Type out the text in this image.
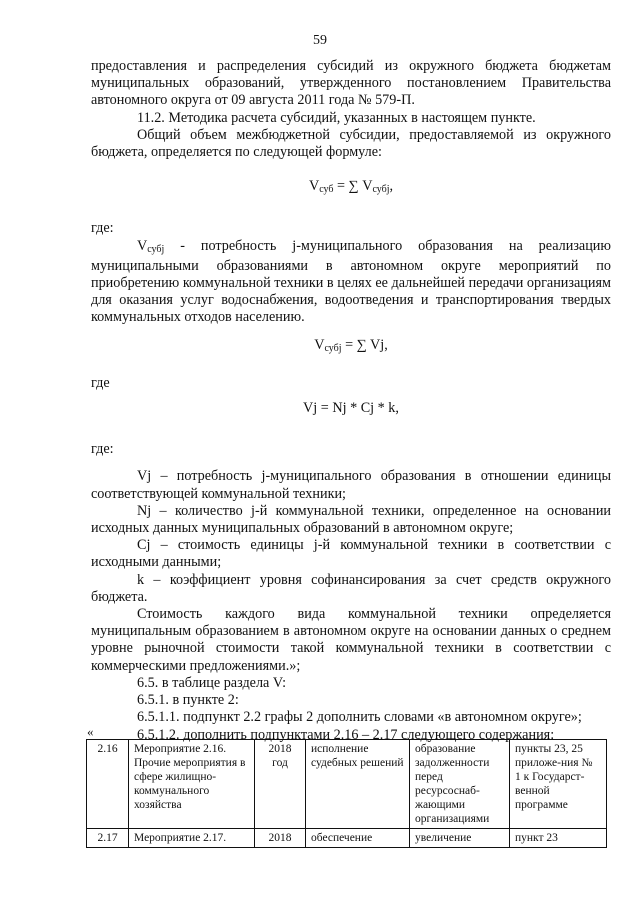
59

предоставления и распределения субсидий из окружного бюджета бюджетам муниципальных образований, утвержденного постановлением Правительства автономного округа от 09 августа 2011 года № 579-П.

11.2. Методика расчета субсидий, указанных в настоящем пункте.

Общий объем межбюджетной субсидии, предоставляемой из окружного бюджета, определяется по следующей формуле:

$V_{суб}$ = ∑ $V_{субj}$,

где:

$V_{субj}$ - потребность j-муниципального образования на реализацию муниципальными образованиями в автономном округе мероприятий по приобретению коммунальной техники в целях ее дальнейшей передачи организациям для оказания услуг водоснабжения, водоотведения и транспортирования твердых коммунальных отходов населению.

$V_{субj}$ = ∑ Vj,

где

Vj = Nj * Cj * k,

где:

Vj – потребность j-муниципального образования в отношении единицы соответствующей коммунальной техники;

Nj – количество j-й коммунальной техники, определенное на основании исходных данных муниципальных образований в автономном округе;

Cj – стоимость единицы j-й коммунальной техники в соответствии с исходными данными;

k – коэффициент уровня софинансирования за счет средств окружного бюджета.

Стоимость каждого вида коммунальной техники определяется муниципальным образованием в автономном округе на основании данных о среднем уровне рыночной стоимости такой коммунальной техники в соответствии с коммерческими предложениями.»;

6.5. в таблице раздела V:

6.5.1. в пункте 2:

6.5.1.1. подпункт 2.2 графы 2 дополнить словами «в автономном округе»;

6.5.1.2. дополнить подпунктами 2.16 – 2.17 следующего содержания:

«
2.16	Мероприятие 2.16. Прочие мероприятия в сфере жилищно-коммунального хозяйства	2018 год	исполнение судебных решений	образование задолженности перед ресурсоснаб-жающими организациями	пункты 23, 25 приложе-ния № 1 к Государст-венной программе
2.17	Мероприятие 2.17.	2018	обеспечение	увеличение	пункт 23
